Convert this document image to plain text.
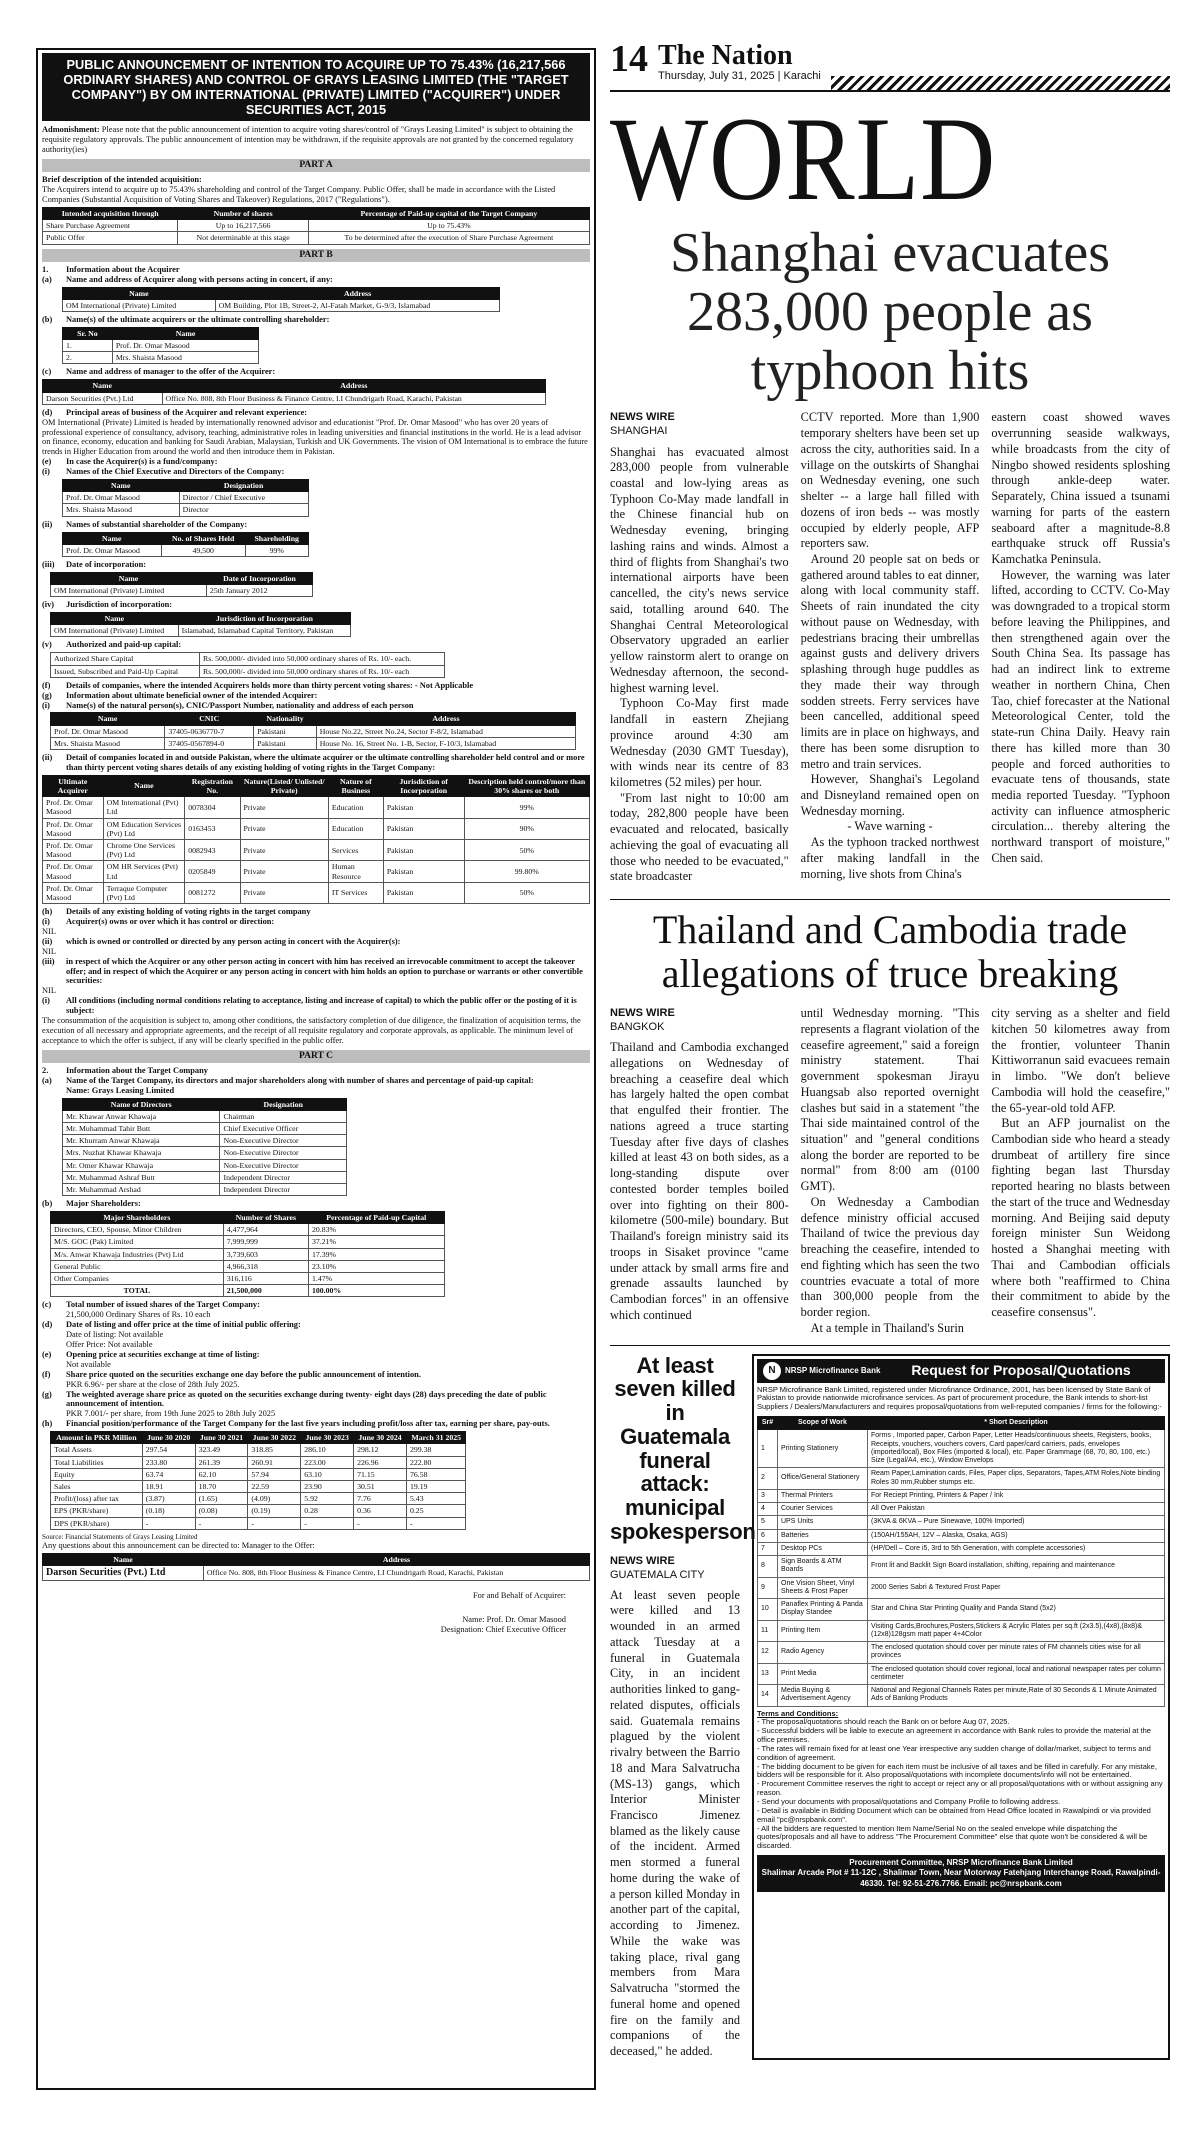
PUBLIC ANNOUNCEMENT OF INTENTION TO ACQUIRE UP TO 75.43% (16,217,566 ORDINARY SHARES) AND CONTROL OF GRAYS LEASING LIMITED (THE "TARGET COMPANY") BY OM INTERNATIONAL (PRIVATE) LIMITED ("ACQUIRER") UNDER SECURITIES ACT, 2015

Admonishment: Please note that the public announcement of intention to acquire voting shares/control of "Grays Leasing Limited" is subject to obtaining the requisite regulatory approvals. The public announcement of intention may be withdrawn, if the requisite approvals are not granted by the concerned regulatory authority(ies)

PART A

Brief description of the intended acquisition:

The Acquirers intend to acquire up to 75.43% shareholding and control of the Target Company. Public Offer, shall be made in accordance with the Listed Companies (Substantial Acquisition of Voting Shares and Takeover) Regulations, 2017 ("Regulations").

Intended acquisition through	Number of shares	Percentage of Paid-up capital of the Target Company
Share Purchase Agreement	Up to 16,217,566	Up to 75.43%
Public Offer	Not determinable at this stage	To be determined after the execution of Share Purchase Agreement
PART B
1.	Information about the Acquirer
(a)	Name and address of Acquirer along with persons acting in concert, if any:
Name	Address
OM International (Private) Limited	OM Building, Plot 1B, Street-2, Al-Fatah Market, G-9/3, Islamabad
(b)	Name(s) of the ultimate acquirers or the ultimate controlling shareholder:
Sr. No	Name
1.	Prof. Dr. Omar Masood
2.	Mrs. Shaista Masood
(c)	Name and address of manager to the offer of the Acquirer:
Name	Address
Darson Securities (Pvt.) Ltd	Office No. 808, 8th Floor Business & Finance Centre, I.I Chundrigarh Road, Karachi, Pakistan
(d)	Principal areas of business of the Acquirer and relevant experience:

OM International (Private) Limited is headed by internationally renowned advisor and educationist "Prof. Dr. Omar Masood" who has over 20 years of professional experience of consultancy, advisory, teaching, administrative roles in leading universities and financial institutions in the world. He is a lead advisor on finance, economy, education and banking for Saudi Arabian, Malaysian, Turkish and UK Governments. The vision of OM International is to embrace the future trends in Higher Education from around the world and then introduce them in Pakistan.

(e)	In case the Acquirer(s) is a fund/company:
(i)	Names of the Chief Executive and Directors of the Company:
Name	Designation
Prof. Dr. Omar Masood	Director / Chief Executive
Mrs. Shaista Masood	Director
(ii)	Names of substantial shareholder of the Company:
Name	No. of Shares Held	Shareholding
Prof. Dr. Omar Masood	49,500	99%
(iii)	Date of incorporation:
Name	Date of Incorporation
OM International (Private) Limited	25th January 2012
(iv)	Jurisdiction of incorporation:
Name	Jurisdiction of Incorporation
OM International (Private) Limited	Islamabad, Islamabad Capital Territory, Pakistan
(v)	Authorized and paid-up capital:
Authorized Share Capital	Rs. 500,000/- divided into 50,000 ordinary shares of Rs. 10/- each.
Issued, Subscribed and Paid-Up Capital	Rs. 500,000/- divided into 50,000 ordinary shares of Rs. 10/- each
(f)	Details of companies, where the intended Acquirers holds more than thirty percent voting shares: - Not Applicable
(g)	Information about ultimate beneficial owner of the intended Acquirer:
(i)	Name(s) of the natural person(s), CNIC/Passport Number, nationality and address of each person
Name	CNIC	Nationality	Address
Prof. Dr. Omar Masood	37405-0636770-7	Pakistani	House No.22, Street No.24, Sector F-8/2, Islamabad
Mrs. Shaista Masood	37405-0567894-0	Pakistani	House No. 16, Street No. 1-B, Sector, F-10/3, Islamabad
(ii)	Detail of companies located in and outside Pakistan, where the ultimate acquirer or the ultimate controlling shareholder held control and or more than thirty percent voting shares details of any existing holding of voting rights in the Target Company:
Ultimate Acquirer	Name	Registration No.	Nature(Listed/ Unlisted/ Private)	Nature of Business	Jurisdiction of Incorporation	Description held control/more than 30% shares or both
Prof. Dr. Omar Masood	OM International (Pvt) Ltd	0078304	Private	Education	Pakistan	99%
Prof. Dr. Omar Masood	OM Education Services (Pvt) Ltd	0163453	Private	Education	Pakistan	90%
Prof. Dr. Omar Masood	Chrome One Services (Pvt) Ltd	0082943	Private	Services	Pakistan	50%
Prof. Dr. Omar Masood	OM HR Services (Pvt) Ltd	0205849	Private	Human Resource	Pakistan	99.80%
Prof. Dr. Omar Masood	Terraque Computer (Pvt) Ltd	0081272	Private	IT Services	Pakistan	50%
(h)	Details of any existing holding of voting rights in the target company
(i)	Acquirer(s) owns or over which it has control or direction:

NIL

(ii)	which is owned or controlled or directed by any person acting in concert with the Acquirer(s):

NIL

(iii)	in respect of which the Acquirer or any other person acting in concert with him has received an irrevocable commitment to accept the takeover offer; and in respect of which the Acquirer or any person acting in concert with him holds an option to purchase or warrants or other convertible securities:

NIL

(i)	All conditions (including normal conditions relating to acceptance, listing and increase of capital) to which the public offer or the posting of it is subject:

The consummation of the acquisition is subject to, among other conditions, the satisfactory completion of due diligence, the finalization of acquisition terms, the execution of all necessary and appropriate agreements, and the receipt of all requisite regulatory and corporate approvals, as applicable. The minimum level of acceptance to which the offer is subject, if any will be clearly specified in the public offer.

PART C
2.	Information about the Target Company
(a)	Name of the Target Company, its directors and major shareholders along with number of shares and percentage of paid-up capital:

Name: Grays Leasing Limited

Name of Directors	Designation
Mr. Khawar Anwar Khawaja	Chairman
Mr. Muhammad Tahir Butt	Chief Executive Officer
Mr. Khurram Anwar Khawaja	Non-Executive Director
Mrs. Nuzhat Khawar Khawaja	Non-Executive Director
Mr. Omer Khawar Khawaja	Non-Executive Director
Mr. Muhammad Ashraf Butt	Independent Director
Mr. Muhammad Arshad	Independent Director
(b)	Major Shareholders:
Major Shareholders	Number of Shares	Percentage of Paid-up Capital
Directors, CEO, Spouse, Minor Children	4,477,964	20.83%
M/S. GOC (Pak) Limited	7,999,999	37.21%
M/s. Anwar Khawaja Industries (Pvt) Ltd	3,739,603	17.39%
General Public	4,966,318	23.10%
Other Companies	316,116	1.47%
TOTAL	21,500,000	100.00%
(c)	Total number of issued shares of the Target Company:

21,500,000 Ordinary Shares of Rs. 10 each

(d)	Date of listing and offer price at the time of initial public offering:

Date of listing: Not available

Offer Price: Not available

(e)	Opening price at securities exchange at time of listing:

Not available

(f)	Share price quoted on the securities exchange one day before the public announcement of intention.

PKR 6.96/- per share at the close of 28th July 2025.

(g)	The weighted average share price as quoted on the securities exchange during twenty- eight days (28) days preceding the date of public announcement of intention.

PKR 7.001/- per share, from 19th June 2025 to 28th July 2025

(h)	Financial position/performance of the Target Company for the last five years including profit/loss after tax, earning per share, pay-outs.
Amount in PKR Million	June 30 2020	June 30 2021	June 30 2022	June 30 2023	June 30 2024	March 31 2025
Total Assets	297.54	323.49	318.85	286.10	298.12	299.38
Total Liabilities	233.80	261.39	260.91	223.00	226.96	222.80
Equity	63.74	62.10	57.94	63.10	71.15	76.58
Sales	18.91	18.70	22.59	23.90	30.51	19.19
Profit/(loss) after tax	(3.87)	(1.65)	(4.09)	5.92	7.76	5.43
EPS (PKR/share)	(0.18)	(0.08)	(0.19)	0.28	0.36	0.25
DPS (PKR/share)	-	-	-	-	-	-

Source: Financial Statements of Grays Leasing Limited

Any questions about this announcement can be directed to: Manager to the Offer:

Name	Address
Darson Securities (Pvt.) Ltd	Office No. 808, 8th Floor Business & Finance Centre, I.I Chundrigarh Road, Karachi, Pakistan

For and Behalf of Acquirer:

Name: Prof. Dr. Omar Masood

Designation: Chief Executive Officer

14 The Nation
Thursday, July 31, 2025 | Karachi
WORLD
Shanghai evacuates 283,000 people as typhoon hits
NEWS WIRE
SHANGHAI

Shanghai has evacuated almost 283,000 people from vulnerable coastal and low-lying areas as Typhoon Co-May made landfall in the Chinese financial hub on Wednesday evening, bringing lashing rains and winds. Almost a third of flights from Shanghai's two international airports have been cancelled, the city's news service said, totalling around 640. The Shanghai Central Meteorological Observatory upgraded an earlier yellow rainstorm alert to orange on Wednesday afternoon, the second-highest warning level.

Typhoon Co-May first made landfall in eastern Zhejiang province around 4:30 am Wednesday (2030 GMT Tuesday), with winds near its centre of 83 kilometres (52 miles) per hour.

"From last night to 10:00 am today, 282,800 people have been evacuated and relocated, basically achieving the goal of evacuating all those who needed to be evacuated," state broadcaster

CCTV reported. More than 1,900 temporary shelters have been set up across the city, authorities said. In a village on the outskirts of Shanghai on Wednesday evening, one such shelter -- a large hall filled with dozens of iron beds -- was mostly occupied by elderly people, AFP reporters saw.

Around 20 people sat on beds or gathered around tables to eat dinner, along with local community staff. Sheets of rain inundated the city without pause on Wednesday, with pedestrians bracing their umbrellas against gusts and delivery drivers splashing through huge puddles as they made their way through sodden streets. Ferry services have been cancelled, additional speed limits are in place on highways, and there has been some disruption to metro and train services.

However, Shanghai's Legoland and Disneyland remained open on Wednesday morning.

- Wave warning -

As the typhoon tracked northwest after making landfall in the morning, live shots from China's

eastern coast showed waves overrunning seaside walkways, while broadcasts from the city of Ningbo showed residents sploshing through ankle-deep water. Separately, China issued a tsunami warning for parts of the eastern seaboard after a magnitude-8.8 earthquake struck off Russia's Kamchatka Peninsula.

However, the warning was later lifted, according to CCTV. Co-May was downgraded to a tropical storm before leaving the Philippines, and then strengthened again over the South China Sea. Its passage has had an indirect link to extreme weather in northern China, Chen Tao, chief forecaster at the National Meteorological Center, told the state-run China Daily. Heavy rain there has killed more than 30 people and forced authorities to evacuate tens of thousands, state media reported Tuesday. "Typhoon activity can influence atmospheric circulation... thereby altering the northward transport of moisture," Chen said.

Thailand and Cambodia trade allegations of truce breaking
NEWS WIRE
BANGKOK

Thailand and Cambodia exchanged allegations on Wednesday of breaching a ceasefire deal which has largely halted the open combat that engulfed their frontier. The nations agreed a truce starting Tuesday after five days of clashes killed at least 43 on both sides, as a long-standing dispute over contested border temples boiled over into fighting on their 800-kilometre (500-mile) boundary. But Thailand's foreign ministry said its troops in Sisaket province "came under attack by small arms fire and grenade assaults launched by Cambodian forces" in an offensive which continued

until Wednesday morning. "This represents a flagrant violation of the ceasefire agreement," said a foreign ministry statement. Thai government spokesman Jirayu Huangsab also reported overnight clashes but said in a statement "the Thai side maintained control of the situation" and "general conditions along the border are reported to be normal" from 8:00 am (0100 GMT).

On Wednesday a Cambodian defence ministry official accused Thailand of twice the previous day breaching the ceasefire, intended to end fighting which has seen the two countries evacuate a total of more than 300,000 people from the border region.

At a temple in Thailand's Surin

city serving as a shelter and field kitchen 50 kilometres away from the frontier, volunteer Thanin Kittiworranun said evacuees remain in limbo. "We don't believe Cambodia will hold the ceasefire," the 65-year-old told AFP.

But an AFP journalist on the Cambodian side who heard a steady drumbeat of artillery fire since fighting began last Thursday reported hearing no blasts between the start of the truce and Wednesday morning. And Beijing said deputy foreign minister Sun Weidong hosted a Shanghai meeting with Thai and Cambodian officials where both "reaffirmed to China their commitment to abide by the ceasefire consensus".

At least seven killed in Guatemala funeral attack: municipal spokesperson
NEWS WIRE
GUATEMALA CITY

At least seven people were killed and 13 wounded in an armed attack Tuesday at a funeral in Guatemala City, in an incident authorities linked to gang-related disputes, officials said. Guatemala remains plagued by the violent rivalry between the Barrio 18 and Mara Salvatrucha (MS-13) gangs, which Interior Minister Francisco Jimenez blamed as the likely cause of the incident. Armed men stormed a funeral home during the wake of a person killed Monday in another part of the capital, according to Jimenez. While the wake was taking place, rival gang members from Mara Salvatrucha "stormed the funeral home and opened fire on the family and companions of the deceased," he added.

N	NRSP Microfinance Bank	Request for Proposal/Quotations

NRSP Microfinance Bank Limited, registered under Microfinance Ordinance, 2001, has been licensed by State Bank of Pakistan to provide nationwide microfinance services. As part of procurement procedure, the Bank intends to short-list Suppliers / Dealers/Manufacturers and requires proposal/quotations from well-reputed companies / firms for the following:-

Sr#	Scope of Work	* Short Description
1	Printing Stationery	Forms , Imported paper, Carbon Paper, Letter Heads/continuous sheets, Registers, books, Receipts, vouchers, vouchers covers, Card paper/card carriers, pads, envelopes (imported/local), Box Files (imported & local), etc. Paper Grammage (68, 70, 80, 100, etc.) Size (Legal/A4, etc.), Window Envelops
2	Office/General Stationery	Ream Paper,Lamination cards, Files, Paper clips, Separators, Tapes,ATM Roles,Note binding Roles 30 mm,Rubber stumps etc.
3	Thermal Printers	For Reciept Printing, Printers & Paper / Ink
4	Courier Services	All Over Pakistan
5	UPS Units	(3KVA & 6KVA – Pure Sinewave, 100% Imported)
6	Batteries	(150AH/155AH, 12V – Alaska, Osaka, AGS)
7	Desktop PCs	(HP/Dell – Core i5, 3rd to 5th Generation, with complete accessories)
8	Sign Boards & ATM Boards	Front lit and Backlit Sign Board installation, shifting, repairing and maintenance
9	One Vision Sheet, Vinyl Sheets & Frost Paper	2000 Series Sabri & Textured Frost Paper
10	Panaflex Printing & Panda Display Standee	Star and China Star Printing Quality and Panda Stand (5x2)
11	Printing Item	Visiting Cards,Brochures,Posters,Stickers & Acrylic Plates per sq.ft (2x3.5),(4x8),(8x8)&(12x8)128gsm matt paper 4+4Color
12	Radio Agency	The enclosed quotation should cover per minute rates of FM channels cities wise for all provinces
13	Print Media	The enclosed quotation should cover regional, local and national newspaper rates per column centimeter
14	Media Buying & Advertisement Agency	National and Regional Channels Rates per minute,Rate of 30 Seconds & 1 Minute Animated Ads of Banking Products

Terms and Conditions:

- The proposal/quotations should reach the Bank on or before Aug 07, 2025.

- Successful bidders will be liable to execute an agreement in accordance with Bank rules to provide the material at the office premises.

- The rates will remain fixed for at least one Year irrespective any sudden change of dollar/market, subject to terms and condition of agreement.

- The bidding document to be given for each item must be inclusive of all taxes and be filled in carefully. For any mistake, bidders will be responsible for it. Also proposal/quotations with incomplete documents/info will not be entertained.

- Procurement Committee reserves the right to accept or reject any or all proposal/quotations with or without assigning any reason.

- Send your documents with proposal/quotations and Company Profile to following address.

- Detail is available in Bidding Document which can be obtained from Head Office located in Rawalpindi or via provided email "pc@nrspbank.com".

- All the bidders are requested to mention Item Name/Serial No on the sealed envelope while dispatching the quotes/proposals and all have to address "The Procurement Committee" else that quote won't be considered & will be discarded.

Procurement Committee, NRSP Microfinance Bank Limited
Shalimar Arcade Plot # 11-12C , Shalimar Town, Near Motorway Fatehjang Interchange Road, Rawalpindi-46330. Tel: 92-51-276.7766. Email: pc@nrspbank.com
